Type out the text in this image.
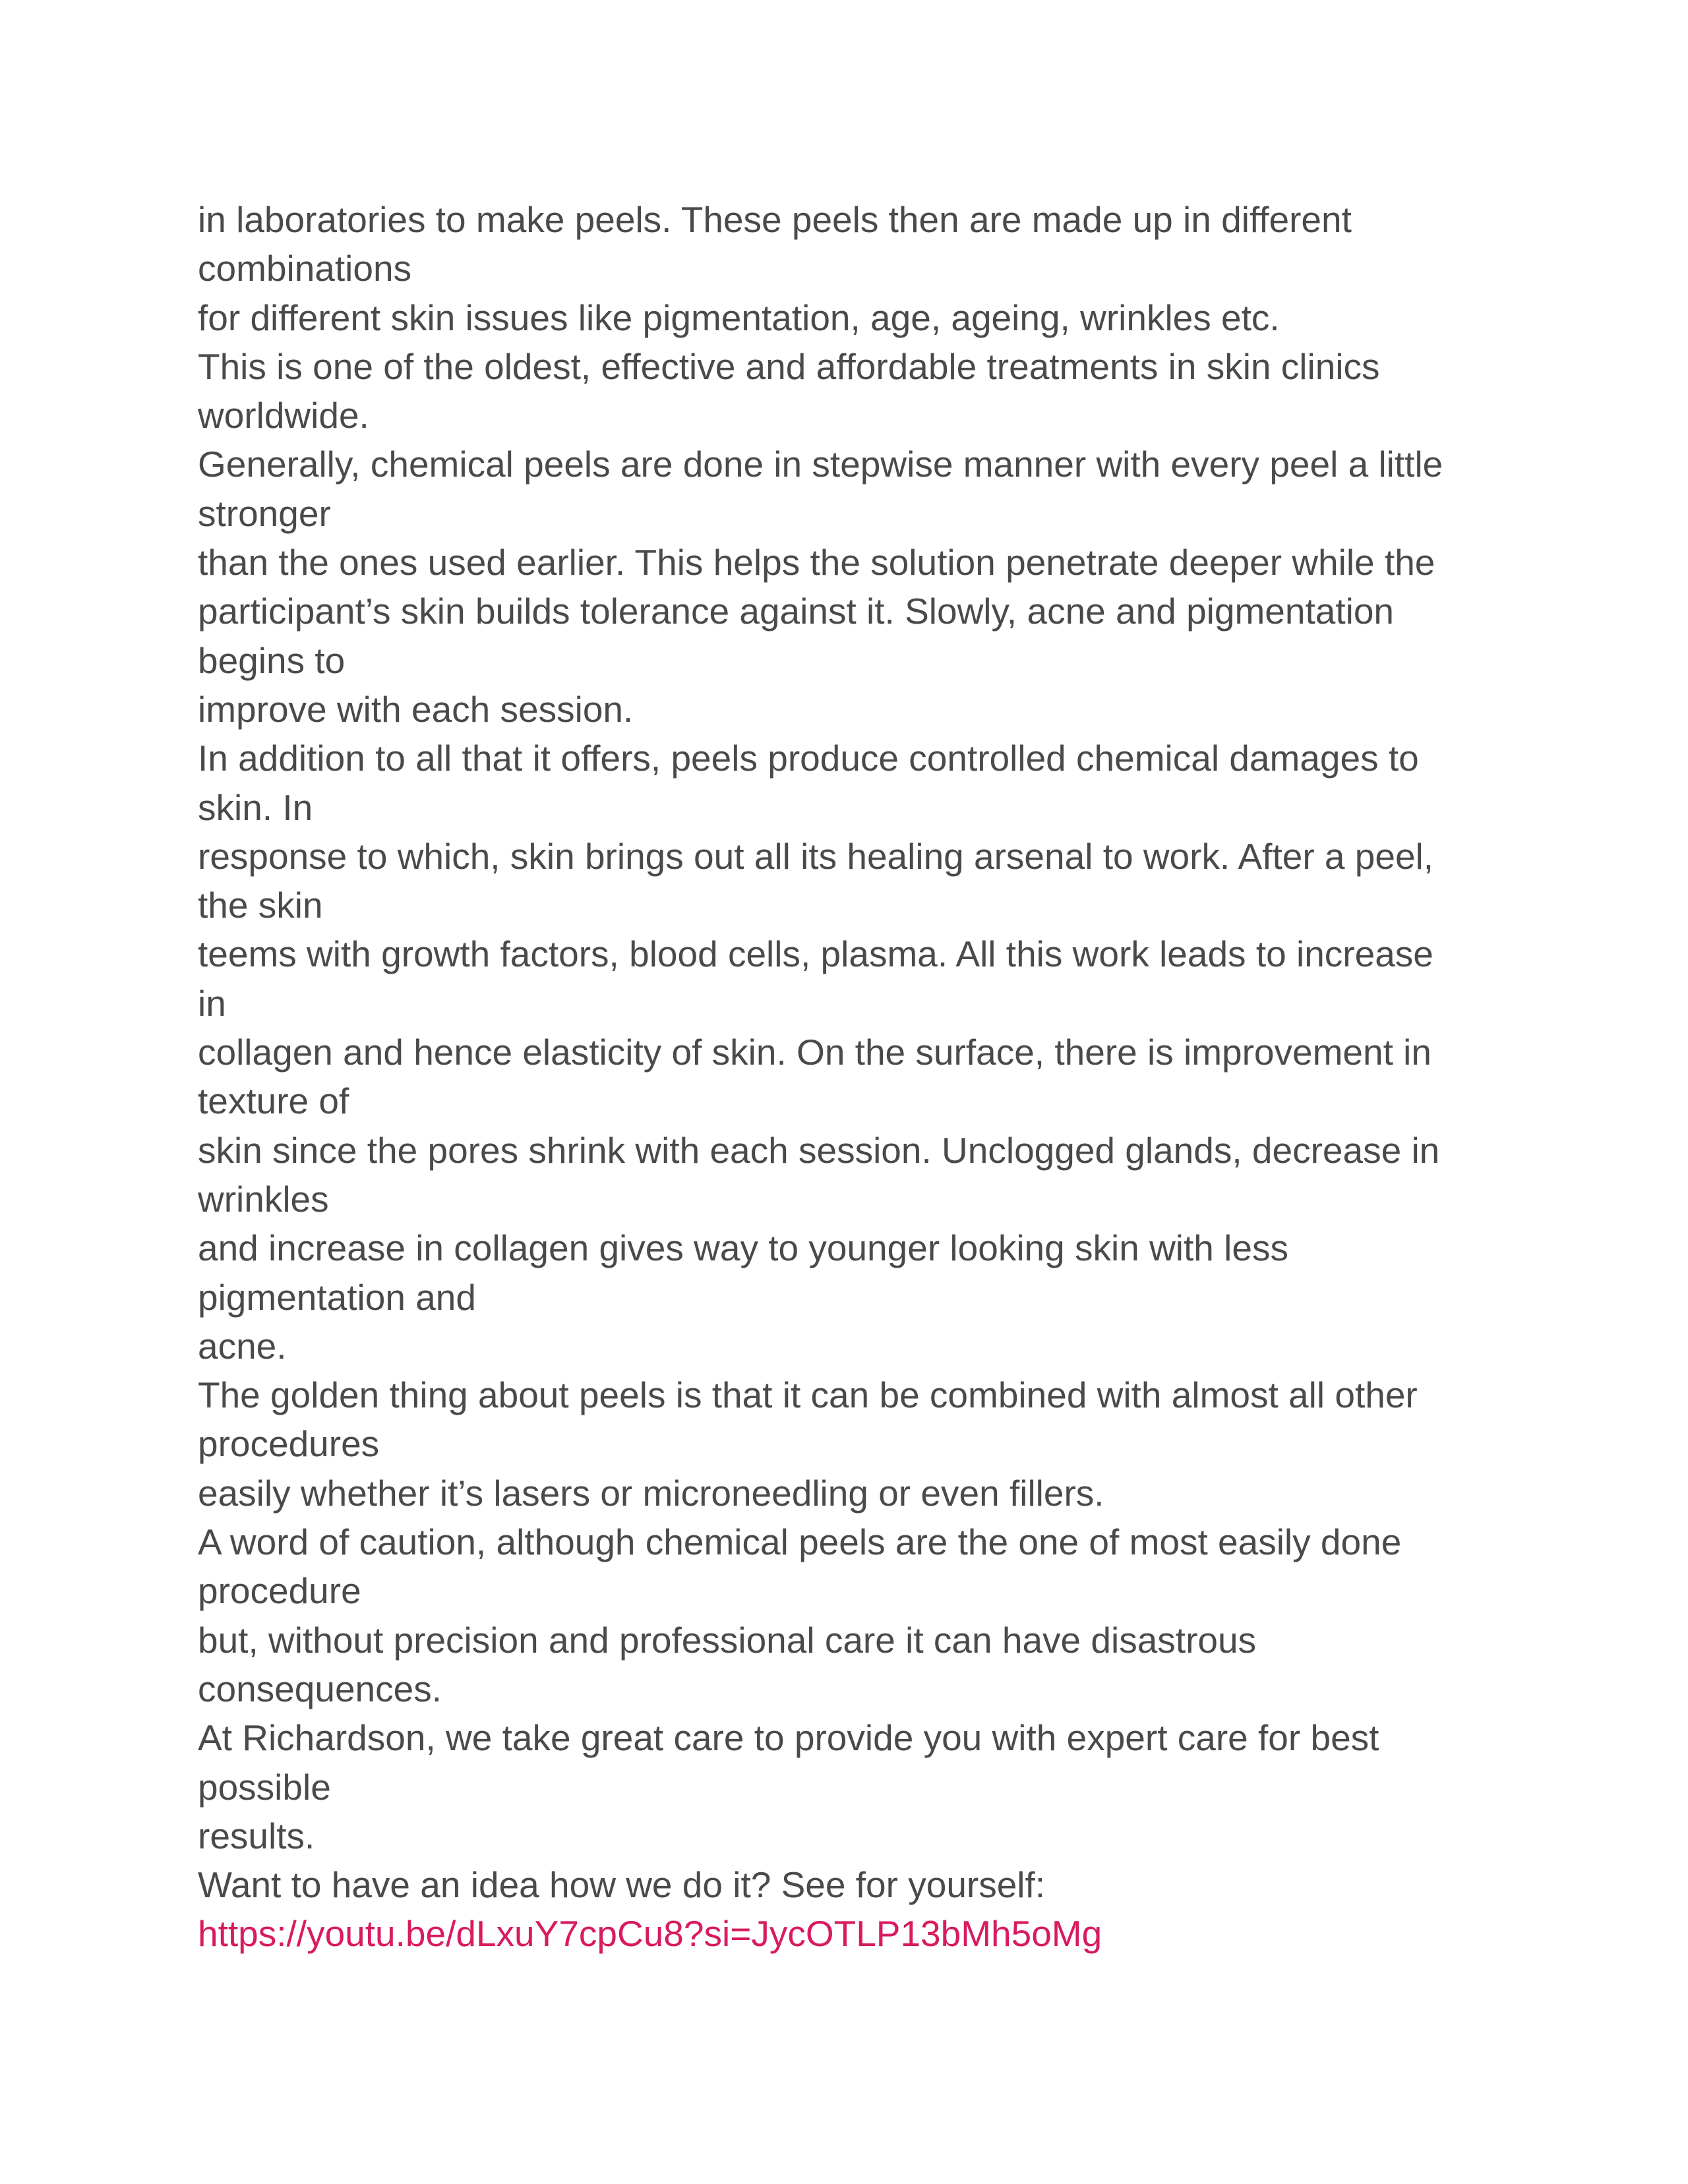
in laboratories to make peels. These peels then are made up in different
combinations
for different skin issues like pigmentation, age, ageing, wrinkles etc.
This is one of the oldest, effective and affordable treatments in skin clinics
worldwide.
Generally, chemical peels are done in stepwise manner with every peel a little
stronger
than the ones used earlier. This helps the solution penetrate deeper while the
participant’s skin builds tolerance against it. Slowly, acne and pigmentation
begins to
improve with each session.
In addition to all that it offers, peels produce controlled chemical damages to
skin. In
response to which, skin brings out all its healing arsenal to work. After a peel,
the skin
teems with growth factors, blood cells, plasma. All this work leads to increase
in
collagen and hence elasticity of skin. On the surface, there is improvement in
texture of
skin since the pores shrink with each session. Unclogged glands, decrease in
wrinkles
and increase in collagen gives way to younger looking skin with less
pigmentation and
acne.
The golden thing about peels is that it can be combined with almost all other
procedures
easily whether it’s lasers or microneedling or even fillers.
A word of caution, although chemical peels are the one of most easily done
procedure
but, without precision and professional care it can have disastrous
consequences.
At Richardson, we take great care to provide you with expert care for best
possible
results.
Want to have an idea how we do it? See for yourself:
https://youtu.be/dLxuY7cpCu8?si=JycOTLP13bMh5oMg
